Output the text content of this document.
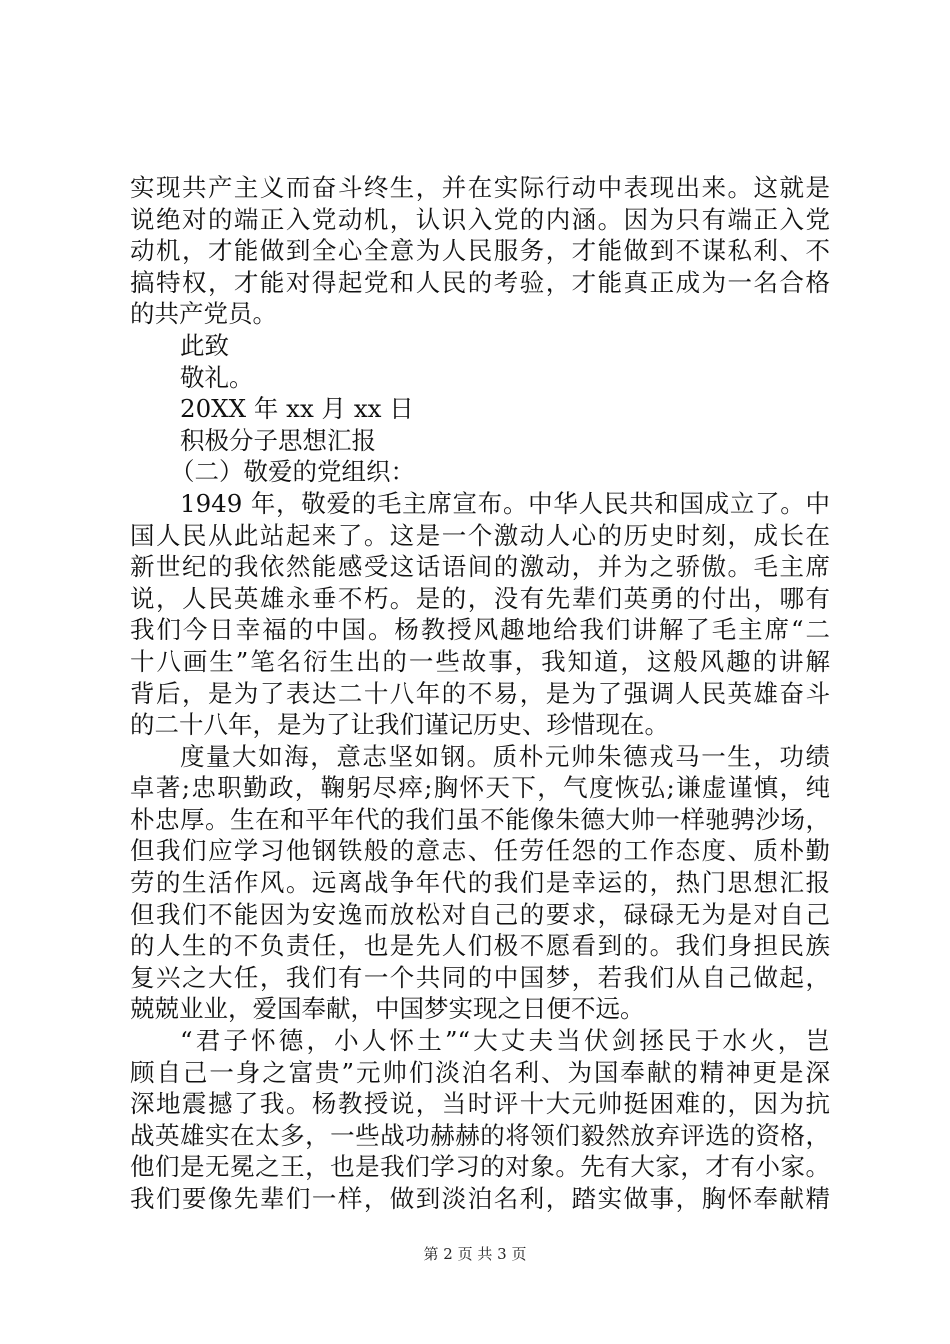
实现共产主义而奋斗终生，并在实际行动中表现出来。这就是
说绝对的端正入党动机，认识入党的内涵。因为只有端正入党
动机，才能做到全心全意为人民服务，才能做到不谋私利、不
搞特权，才能对得起党和人民的考验，才能真正成为一名合格
的共产党员。
此致
敬礼。
20XX 年 xx 月 xx 日
积极分子思想汇报
（二）敬爱的党组织：
1949 年，敬爱的毛主席宣布。中华人民共和国成立了。中
国人民从此站起来了。这是一个激动人心的历史时刻，成长在
新世纪的我依然能感受这话语间的激动，并为之骄傲。毛主席
说，人民英雄永垂不朽。是的，没有先辈们英勇的付出，哪有
我们今日幸福的中国。杨教授风趣地给我们讲解了毛主席“二
十八画生”笔名衍生出的一些故事，我知道，这般风趣的讲解
背后，是为了表达二十八年的不易，是为了强调人民英雄奋斗
的二十八年，是为了让我们谨记历史、珍惜现在。
度量大如海，意志坚如钢。质朴元帅朱德戎马一生，功绩
卓著;忠职勤政，鞠躬尽瘁;胸怀天下，气度恢弘;谦虚谨慎，纯
朴忠厚。生在和平年代的我们虽不能像朱德大帅一样驰骋沙场，
但我们应学习他钢铁般的意志、任劳任怨的工作态度、质朴勤
劳的生活作风。远离战争年代的我们是幸运的，热门思想汇报
但我们不能因为安逸而放松对自己的要求，碌碌无为是对自己
的人生的不负责任，也是先人们极不愿看到的。我们身担民族
复兴之大任，我们有一个共同的中国梦，若我们从自己做起，
兢兢业业，爱国奉献，中国梦实现之日便不远。
“君子怀德，小人怀土”“大丈夫当伏剑拯民于水火，岂
顾自己一身之富贵”元帅们淡泊名利、为国奉献的精神更是深
深地震撼了我。杨教授说，当时评十大元帅挺困难的，因为抗
战英雄实在太多，一些战功赫赫的将领们毅然放弃评选的资格，
他们是无冕之王，也是我们学习的对象。先有大家，才有小家。
我们要像先辈们一样，做到淡泊名利，踏实做事，胸怀奉献精
第 2 页 共 3 页
